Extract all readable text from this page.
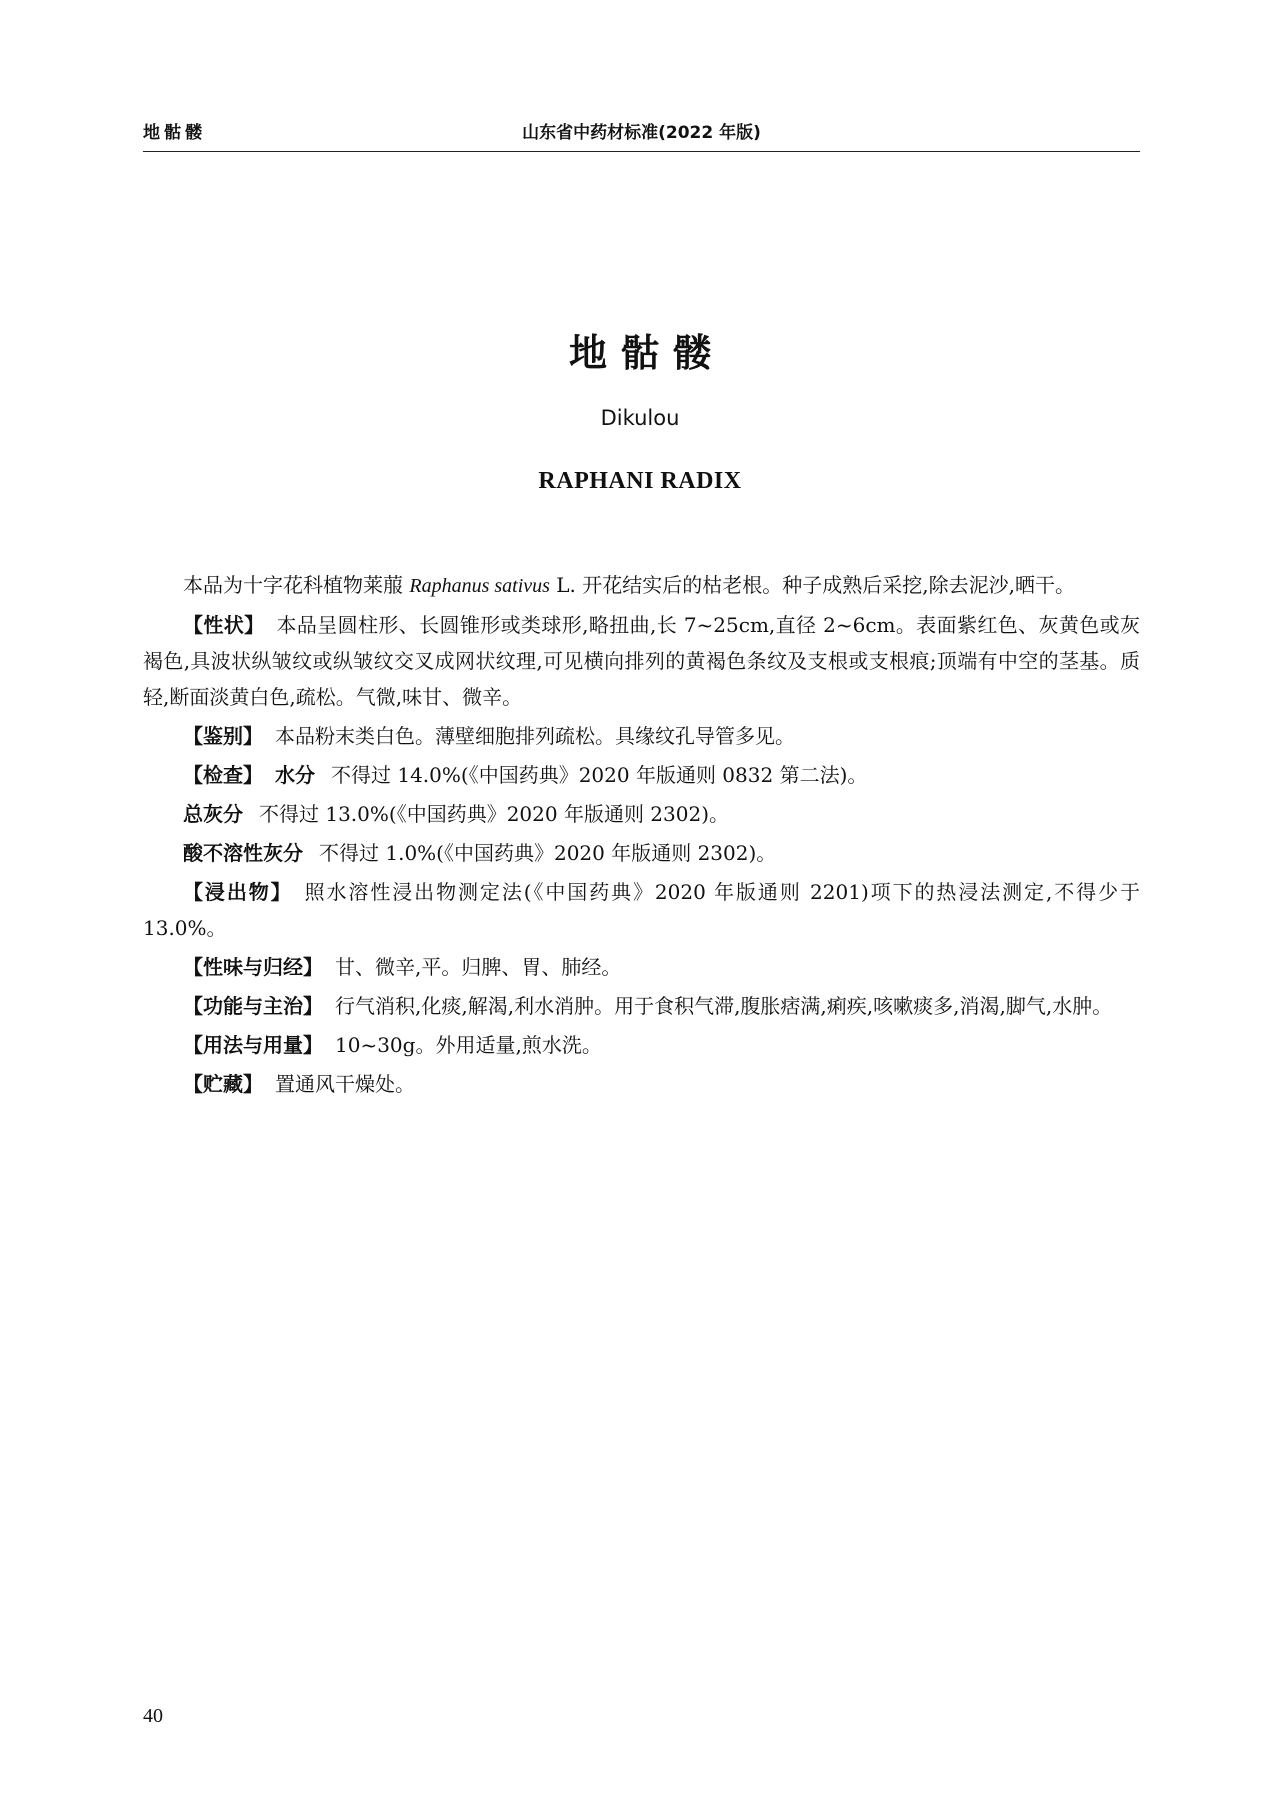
地骷髅	山东省中药材标准(2022 年版)
地骷髅
Dikulou
RAPHANI RADIX

本品为十字花科植物莱菔 Raphanus sativus L. 开花结实后的枯老根。种子成熟后采挖,除去泥沙,晒干。

【性状】 本品呈圆柱形、长圆锥形或类球形,略扭曲,长 7~25cm,直径 2~6cm。表面紫红色、灰黄色或灰褐色,具波状纵皱纹或纵皱纹交叉成网状纹理,可见横向排列的黄褐色条纹及支根或支根痕;顶端有中空的茎基。质轻,断面淡黄白色,疏松。气微,味甘、微辛。

【鉴别】 本品粉末类白色。薄壁细胞排列疏松。具缘纹孔导管多见。

【检查】 水分 不得过 14.0%(《中国药典》2020 年版通则 0832 第二法)。

总灰分 不得过 13.0%(《中国药典》2020 年版通则 2302)。

酸不溶性灰分 不得过 1.0%(《中国药典》2020 年版通则 2302)。

【浸出物】 照水溶性浸出物测定法(《中国药典》2020 年版通则 2201)项下的热浸法测定,不得少于 13.0%。

【性味与归经】 甘、微辛,平。归脾、胃、肺经。

【功能与主治】 行气消积,化痰,解渴,利水消肿。用于食积气滞,腹胀痞满,痢疾,咳嗽痰多,消渴,脚气,水肿。

【用法与用量】 10~30g。外用适量,煎水洗。

【贮藏】 置通风干燥处。

40
